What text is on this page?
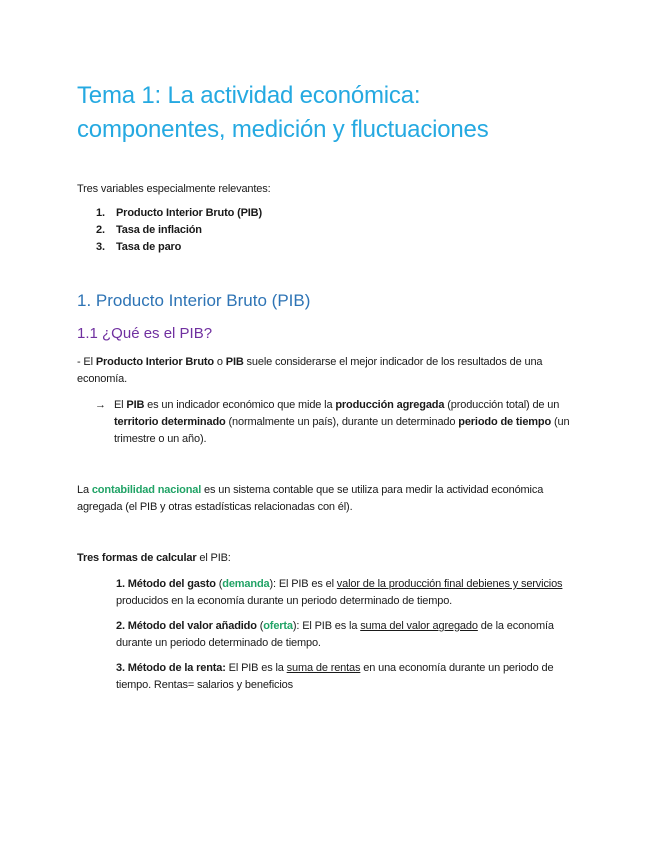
Tema 1: La actividad económica:
componentes, medición y fluctuaciones
Tres variables especialmente relevantes:
1. Producto Interior Bruto (PIB)
2. Tasa de inflación
3. Tasa de paro
1. Producto Interior Bruto (PIB)
1.1 ¿Qué es el PIB?
- El Producto Interior Bruto o PIB suele considerarse el mejor indicador de los resultados de una economía.
→ El PIB es un indicador económico que mide la producción agregada (producción total) de un territorio determinado (normalmente un país), durante un determinado periodo de tiempo (un trimestre o un año).
La contabilidad nacional es un sistema contable que se utiliza para medir la actividad económica agregada (el PIB y otras estadísticas relacionadas con él).
Tres formas de calcular el PIB:
1. Método del gasto (demanda): El PIB es el valor de la producción final debienes y servicios producidos en la economía durante un periodo determinado de tiempo.
2. Método del valor añadido (oferta): El PIB es la suma del valor agregado de la economía durante un periodo determinado de tiempo.
3. Método de la renta: El PIB es la suma de rentas en una economía durante un periodo de tiempo. Rentas= salarios y beneficios
